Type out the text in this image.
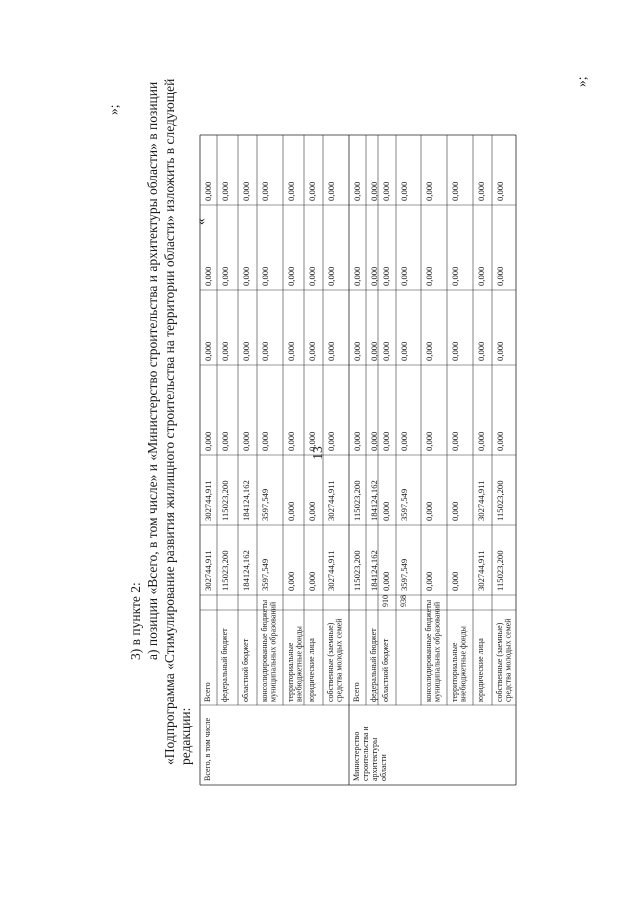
13
3) в пункте 2: а) позиции «Всего, в том числе» и «Министерство строительства и архитектуры области» в позиции «Подпрограмма «Стимулирование развития жилищного строительства на территории области» изложить в следующей редакции:
«
»;
»;
Всего, в том числе	Министерство строительства и архитектуры области
910 938
Всего
302744,911
302744,911
0,000
0,000
0,000
0,000
федеральный бюджет
115023,200
115023,200
0,000
0,000
0,000
0,000
областной бюджет
184124,162
184124,162
0,000
0,000
0,000
0,000
консолидированные бюджеты муниципальных образований
3597,549
3597,549
0,000
0,000
0,000
0,000
территориальные внебюджетные фонды
0,000
0,000
0,000
0,000
0,000
0,000
юридические лица
0,000
0,000
0,000
0,000
0,000
0,000
собственные (заемные) средства молодых семей
302744,911
302744,911
0,000
0,000
0,000
0,000
Всего
115023,200
115023,200
0,000
0,000
0,000
0,000
федеральный бюджет
184124,162
184124,162
0,000
0,000
0,000
0,000
областной бюджет
0,000
0,000
0,000
0,000
0,000
0,000
3597,549
3597,549
0,000
0,000
0,000
0,000
консолидированные бюджеты муниципальных образований
0,000
0,000
0,000
0,000
0,000
0,000
территориальные внебюджетные фонды
0,000
0,000
0,000
0,000
0,000
0,000
юридические лица
302744,911
302744,911
0,000
0,000
0,000
0,000
собственные (заемные) средства молодых семей
115023,200
115023,200
0,000
0,000
0,000
0,000
